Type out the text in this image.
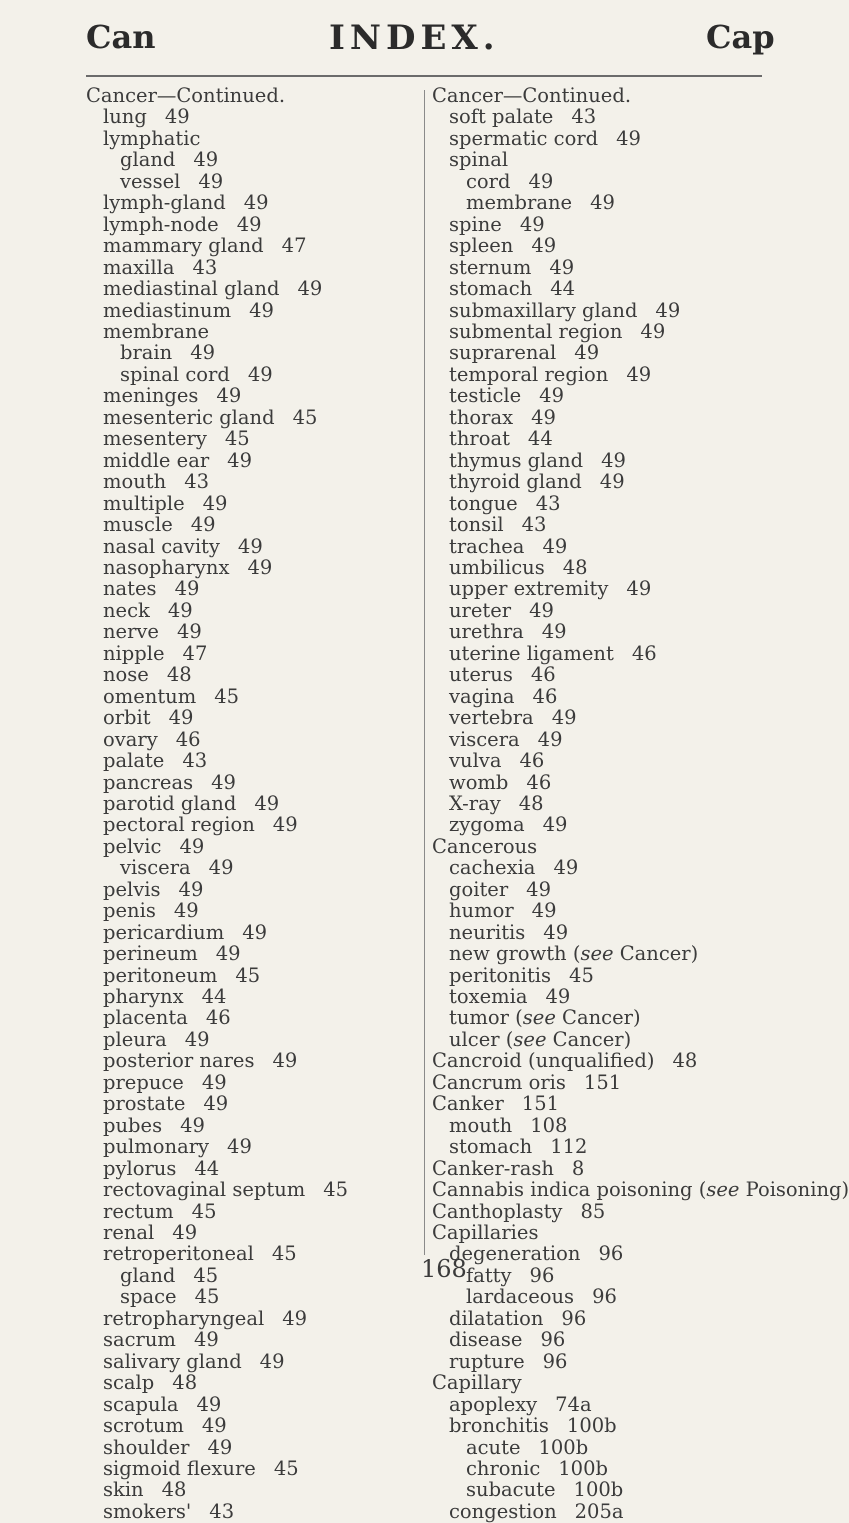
Can	INDEX.	Cap
Cancer—Continued.
lung 49
lymphatic
gland 49
vessel 49
lymph-gland 49
lymph-node 49
mammary gland 47
maxilla 43
mediastinal gland 49
mediastinum 49
membrane
brain 49
spinal cord 49
meninges 49
mesenteric gland 45
mesentery 45
middle ear 49
mouth 43
multiple 49
muscle 49
nasal cavity 49
nasopharynx 49
nates 49
neck 49
nerve 49
nipple 47
nose 48
omentum 45
orbit 49
ovary 46
palate 43
pancreas 49
parotid gland 49
pectoral region 49
pelvic 49
viscera 49
pelvis 49
penis 49
pericardium 49
perineum 49
peritoneum 45
pharynx 44
placenta 46
pleura 49
posterior nares 49
prepuce 49
prostate 49
pubes 49
pulmonary 49
pylorus 44
rectovaginal septum 45
rectum 45
renal 49
retroperitoneal 45
gland 45
space 45
retropharyngeal 49
sacrum 49
salivary gland 49
scalp 48
scapula 49
scrotum 49
shoulder 49
sigmoid flexure 45
skin 48
smokers' 43
Cancer—Continued.
soft palate 43
spermatic cord 49
spinal
cord 49
membrane 49
spine 49
spleen 49
sternum 49
stomach 44
submaxillary gland 49
submental region 49
suprarenal 49
temporal region 49
testicle 49
thorax 49
throat 44
thymus gland 49
thyroid gland 49
tongue 43
tonsil 43
trachea 49
umbilicus 48
upper extremity 49
ureter 49
urethra 49
uterine ligament 46
uterus 46
vagina 46
vertebra 49
viscera 49
vulva 46
womb 46
X-ray 48
zygoma 49
Cancerous
cachexia 49
goiter 49
humor 49
neuritis 49
new growth (see Cancer)
peritonitis 45
toxemia 49
tumor (see Cancer)
ulcer (see Cancer)
Cancroid (unqualified) 48
Cancrum oris 151
Canker 151
mouth 108
stomach 112
Canker-rash 8
Cannabis indica poisoning (see Poisoning)
Canthoplasty 85
Capillaries
degeneration 96
fatty 96
lardaceous 96
dilatation 96
disease 96
rupture 96
Capillary
apoplexy 74a
bronchitis 100b
acute 100b
chronic 100b
subacute 100b
congestion 205a
168
